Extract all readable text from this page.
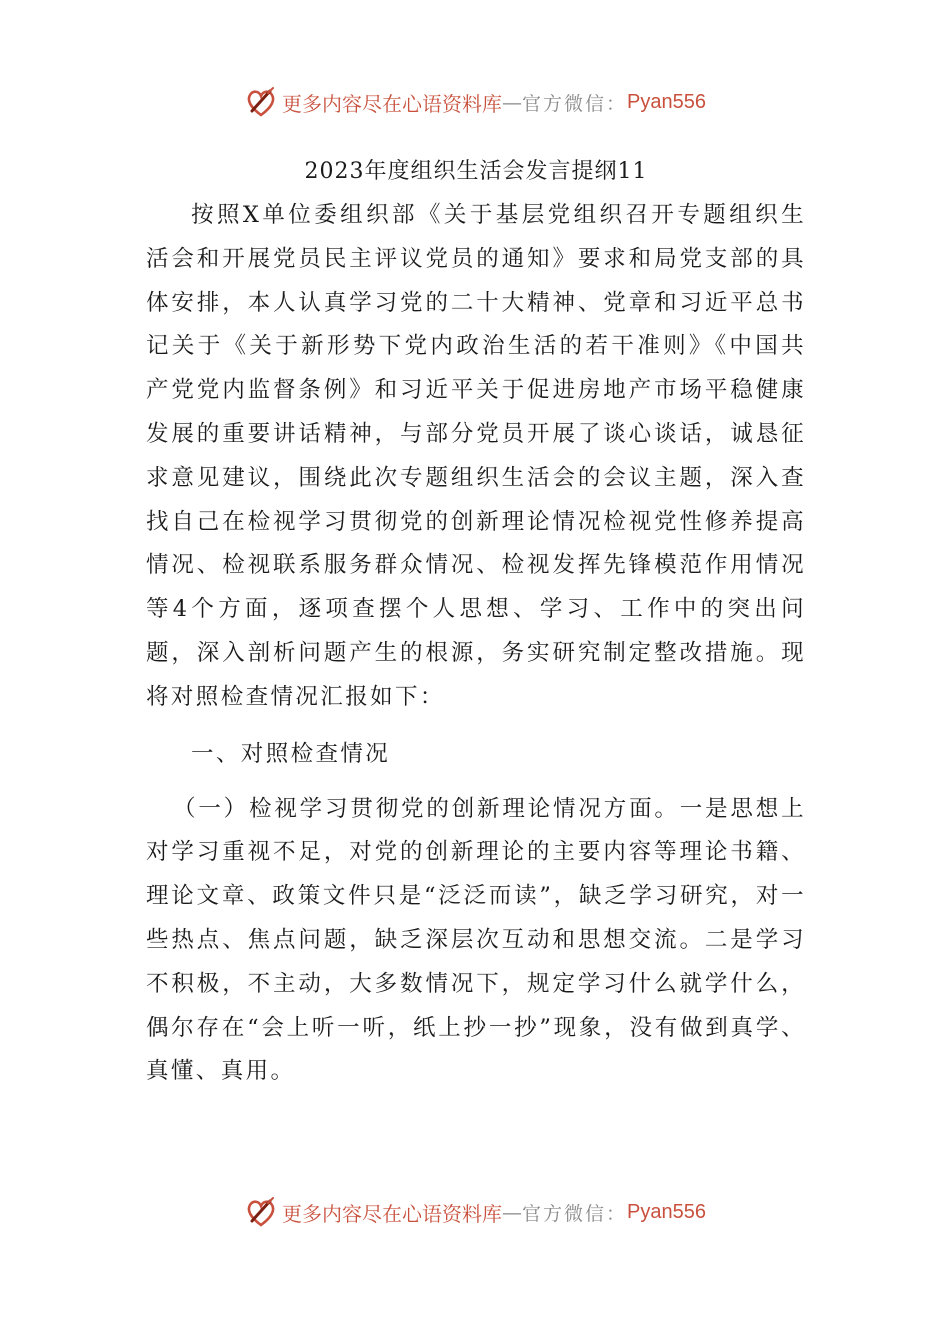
更多内容尽在心语资料库 — 官方微信： Pyan556
2023年度组织生活会发言提纲11

按照X单位委组织部《关于基层党组织召开专题组织生活会和开展党员民主评议党员的通知》要求和局党支部的具体安排，本人认真学习党的二十大精神、党章和习近平总书记关于《关于新形势下党内政治生活的若干准则》《中国共产党党内监督条例》和习近平关于促进房地产市场平稳健康发展的重要讲话精神，与部分党员开展了谈心谈话，诚恳征求意见建议，围绕此次专题组织生活会的会议主题，深入查找自己在检视学习贯彻党的创新理论情况检视党性修养提高情况、检视联系服务群众情况、检视发挥先锋模范作用情况等4个方面，逐项查摆个人思想、学习、工作中的突出问题，深入剖析问题产生的根源，务实研究制定整改措施。现将对照检查情况汇报如下：

一、对照检查情况

（一）检视学习贯彻党的创新理论情况方面。一是思想上对学习重视不足，对党的创新理论的主要内容等理论书籍、理论文章、政策文件只是“泛泛而读”，缺乏学习研究，对一些热点、焦点问题，缺乏深层次互动和思想交流。二是学习不积极，不主动，大多数情况下，规定学习什么就学什么，偶尔存在“会上听一听，纸上抄一抄”现象，没有做到真学、真懂、真用。

更多内容尽在心语资料库 — 官方微信： Pyan556
